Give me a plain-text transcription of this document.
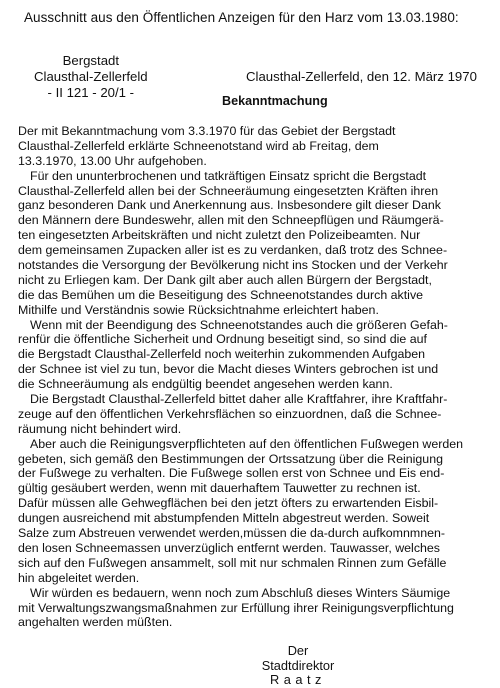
Ausschnitt aus den Öffentlichen Anzeigen für den Harz vom 13.03.1980:
Bergstadt
Clausthal-Zellerfeld
- II 121 - 20/1 -
Clausthal-Zellerfeld, den 12. März 1970
Bekanntmachung
Der mit Bekanntmachung vom 3.3.1970 für das Gebiet der Bergstadt
Clausthal-Zellerfeld erklärte Schneenotstand wird ab Freitag, dem
13.3.1970, 13.00 Uhr aufgehoben.
Für den ununterbrochenen und tatkräftigen Einsatz spricht die Bergstadt
Clausthal-Zellerfeld allen bei der Schneeräumung eingesetzten Kräften ihren
ganz besonderen Dank und Anerkennung aus. Insbesondere gilt dieser Dank
den Männern dere Bundeswehr, allen mit den Schneepflügen und Räumgerä-
ten eingesetzten Arbeitskräften und nicht zuletzt den Polizeibeamten. Nur
dem gemeinsamen Zupacken aller ist es zu verdanken, daß trotz des Schnee-
notstandes die Versorgung der Bevölkerung nicht ins Stocken und der Verkehr
nicht zu Erliegen kam. Der Dank gilt aber auch allen Bürgern der Bergstadt,
die das Bemühen um die Beseitigung des Schneenotstandes durch aktive
Mithilfe und Verständnis sowie Rücksichtnahme erleichtert haben.
Wenn mit der Beendigung des Schneenotstandes auch die größeren Gefah-
renfür die öffentliche Sicherheit und Ordnung beseitigt sind, so sind die auf
die Bergstadt Clausthal-Zellerfeld noch weiterhin zukommenden Aufgaben
der Schnee ist viel zu tun, bevor die Macht dieses Winters gebrochen ist und
die Schneeräumung als endgültig beendet angesehen werden kann.
Die Bergstadt Clausthal-Zellerfeld bittet daher alle Kraftfahrer, ihre Kraftfahr-
zeuge auf den öffentlichen Verkehrsflächen so einzuordnen, daß die Schnee-
räumung nicht behindert wird.
Aber auch die Reinigungsverpflichteten auf den öffentlichen Fußwegen werden
gebeten, sich gemäß den Bestimmungen der Ortssatzung über die Reinigung
der Fußwege zu verhalten. Die Fußwege sollen erst von Schnee und Eis end-
gültig gesäubert werden, wenn mit dauerhaftem Tauwetter zu rechnen ist.
Dafür müssen alle Gehwegflächen bei den jetzt öfters zu erwartenden Eisbil-
dungen ausreichend mit abstumpfenden Mitteln abgestreut werden. Soweit
Salze zum Abstreuen verwendet werden,müssen die da-durch aufkomnmnen-
den losen Schneemassen unverzüglich entfernt werden. Tauwasser, welches
sich auf den Fußwegen ansammelt, soll mit nur schmalen Rinnen zum Gefälle
hin abgeleitet werden.
Wir würden es bedauern, wenn noch zum Abschluß dieses Winters Säumige
mit Verwaltungszwangsmaßnahmen zur Erfüllung ihrer Reinigungsverpflichtung
angehalten werden müßten.
Der Stadtdirektor
Raatz
